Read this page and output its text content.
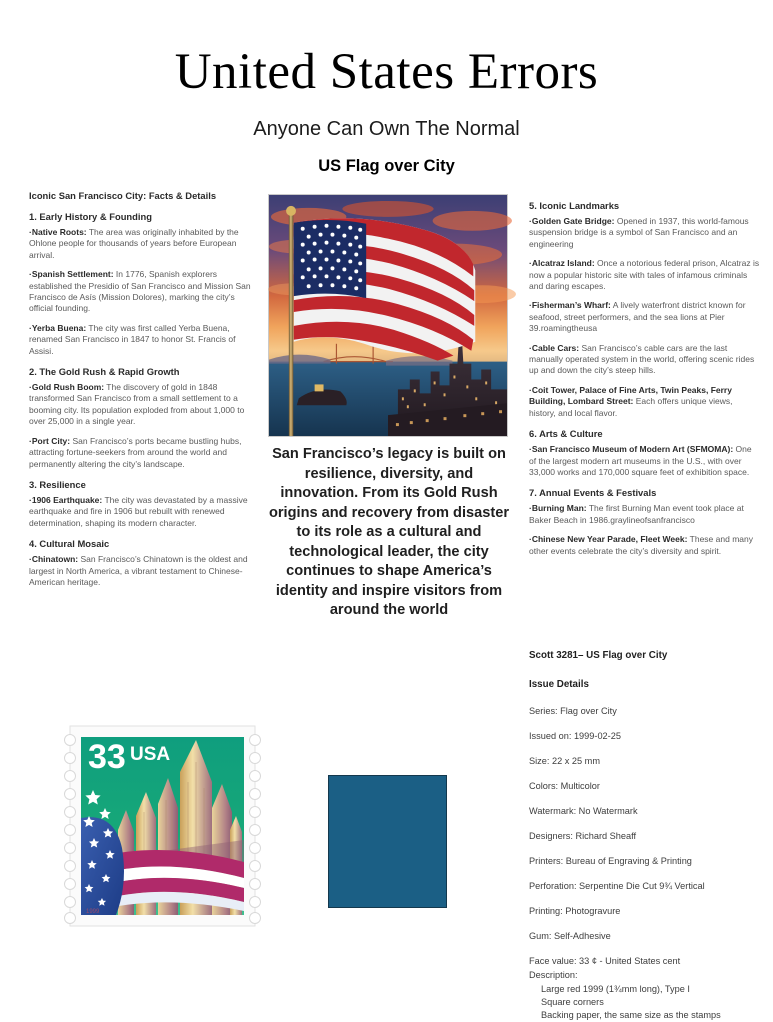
United States Errors
Anyone Can Own The Normal
US Flag over City
Iconic San Francisco City: Facts & Details
1. Early History & Founding
·Native Roots: The area was originally inhabited by the Ohlone people for thousands of years before European arrival.
·Spanish Settlement: In 1776, Spanish explorers established the Presidio of San Francisco and Mission San Francisco de Asís (Mission Dolores), marking the city’s official founding.
·Yerba Buena: The city was first called Yerba Buena, renamed San Francisco in 1847 to honor St. Francis of Assisi.
2. The Gold Rush & Rapid Growth
·Gold Rush Boom: The discovery of gold in 1848 transformed San Francisco from a small settlement to a booming city. Its population exploded from about 1,000 to over 25,000 in a single year.
·Port City: San Francisco’s ports became bustling hubs, attracting fortune-seekers from around the world and permanently altering the city’s landscape.
3. Resilience
·1906 Earthquake: The city was devastated by a massive earthquake and fire in 1906 but rebuilt with renewed determination, shaping its modern character.
4. Cultural Mosaic
·Chinatown: San Francisco’s Chinatown is the oldest and largest in North America, a vibrant testament to Chinese-American heritage.
San Francisco’s legacy is built on resilience, diversity, and innovation. From its Gold Rush origins and recovery from disaster to its role as a cultural and technological leader, the city continues to shape America’s identity and inspire visitors from around the world
5. Iconic Landmarks
·Golden Gate Bridge: Opened in 1937, this world-famous suspension bridge is a symbol of San Francisco and an engineering
·Alcatraz Island: Once a notorious federal prison, Alcatraz is now a popular historic site with tales of infamous criminals and daring escapes.
·Fisherman’s Wharf: A lively waterfront district known for seafood, street performers, and the sea lions at Pier 39.roamingtheusa
·Cable Cars: San Francisco’s cable cars are the last manually operated system in the world, offering scenic rides up and down the city’s steep hills.
·Coit Tower, Palace of Fine Arts, Twin Peaks, Ferry Building, Lombard Street: Each offers unique views, history, and local flavor.
6. Arts & Culture
·San Francisco Museum of Modern Art (SFMOMA): One of the largest modern art museums in the U.S., with over 33,000 works and 170,000 square feet of exhibition space.
7. Annual Events & Festivals
·Burning Man: The first Burning Man event took place at Baker Beach in 1986.graylineofsanfrancisco
·Chinese New Year Parade, Fleet Week: These and many other events celebrate the city’s diversity and spirit.
33 USA
1999
Scott 3281– US Flag over City
Issue Details
Series: Flag over City
Issued on: 1999-02-25
Size: 22 x 25 mm
Colors: Multicolor
Watermark: No Watermark
Designers: Richard Sheaff
Printers: Bureau of Engraving & Printing
Perforation: Serpentine Die Cut 9¾ Vertical
Printing: Photogravure
Gum: Self-Adhesive
Face value: 33 ¢ - United States cent
Description:
Large red 1999 (1¾mm long), Type I
Square corners
Backing paper, the same size as the stamps
